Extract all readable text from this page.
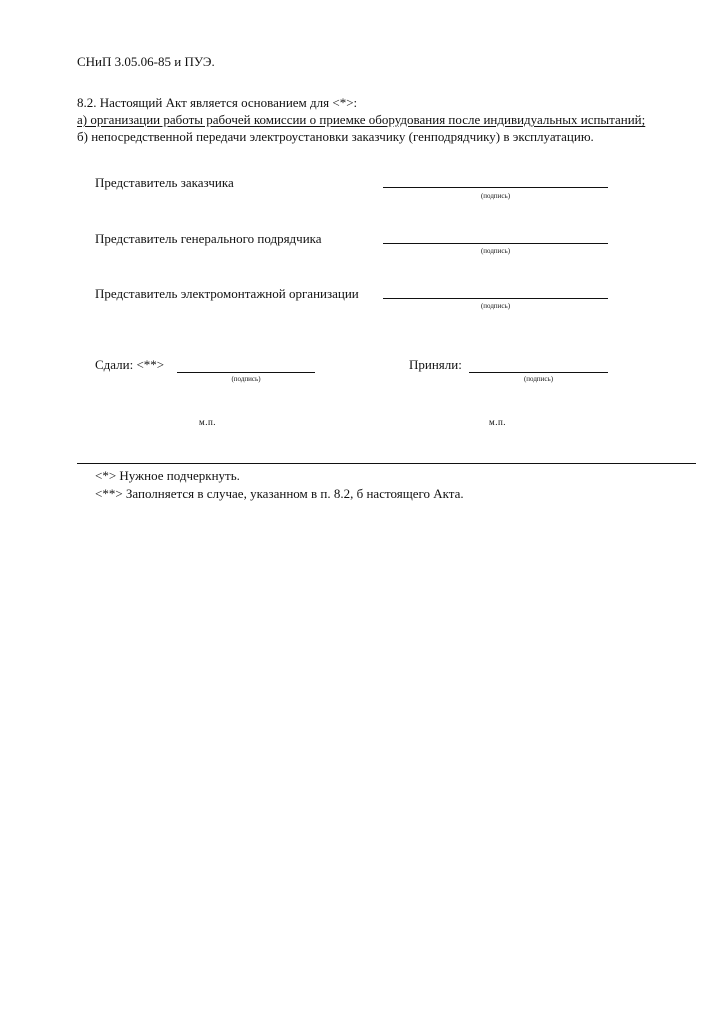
СНиП 3.05.06-85 и ПУЭ.
8.2. Настоящий Акт является основанием для <*>:
а) организации работы рабочей комиссии о приемке оборудования после индивидуальных испытаний;
б) непосредственной передачи электроустановки заказчику (генподрядчику) в эксплуатацию.
Представитель заказчика
(подпись)
Представитель генерального подрядчика
(подпись)
Представитель электромонтажной организации
(подпись)
Сдали: <**>
(подпись)
Приняли:
(подпись)
м.п.	м.п.
<*> Нужное подчеркнуть.
<**> Заполняется в случае, указанном в п. 8.2, б настоящего Акта.
